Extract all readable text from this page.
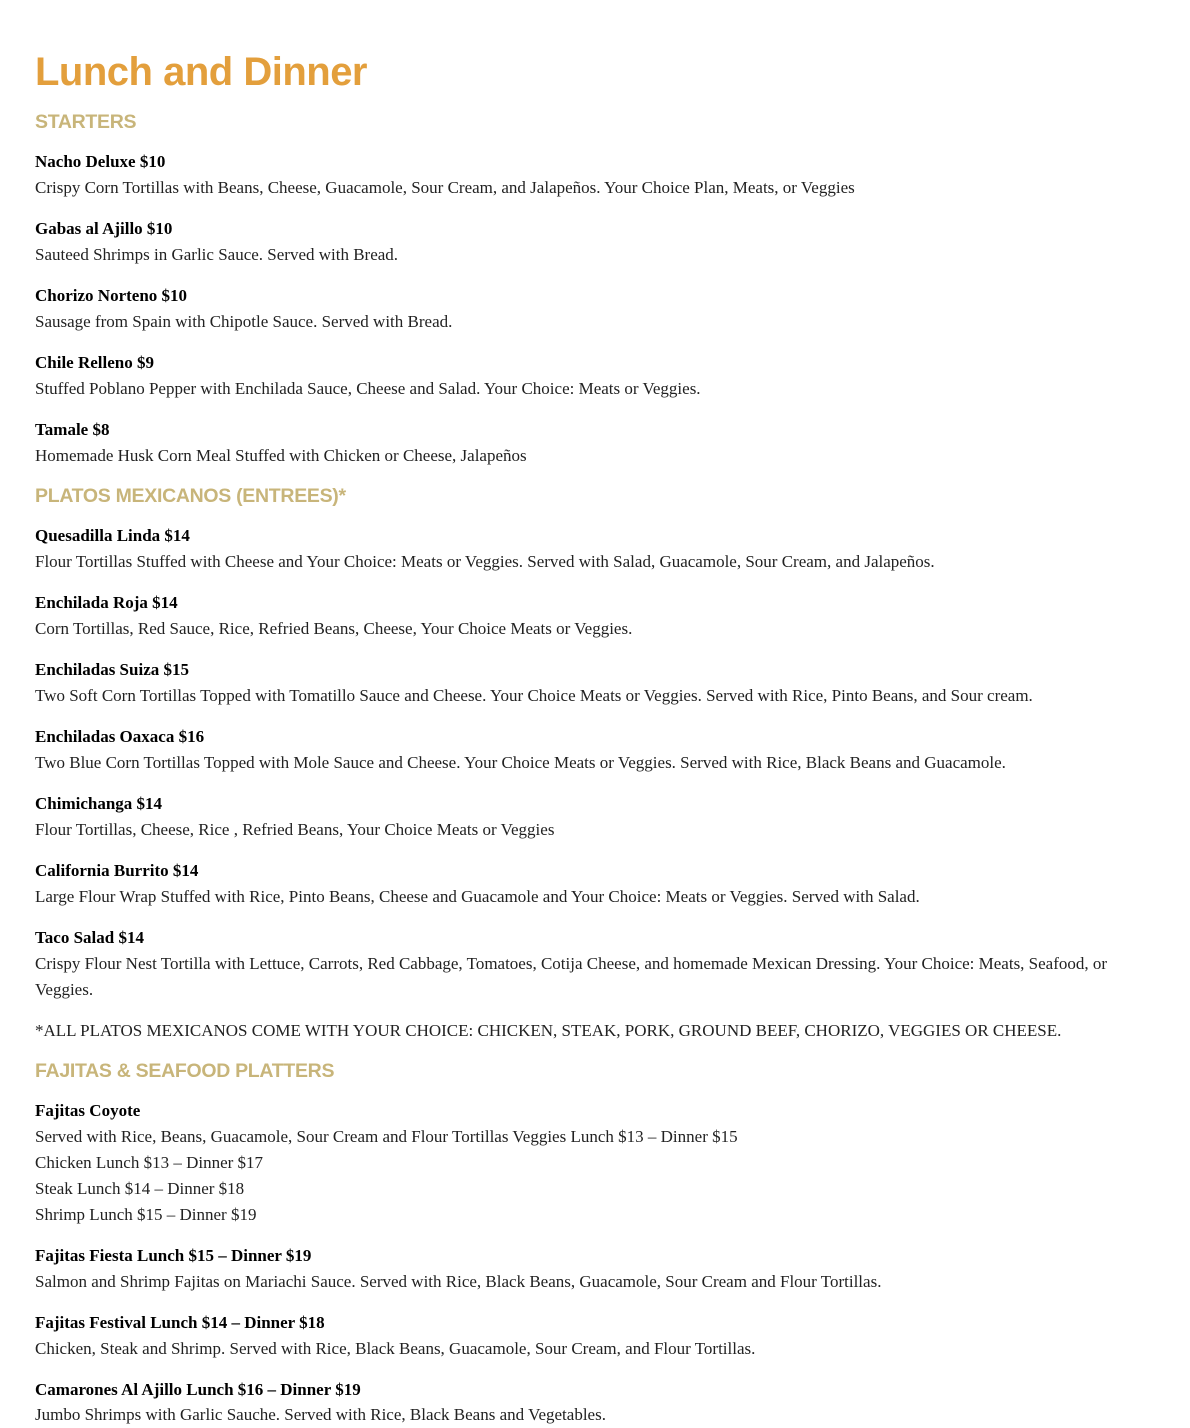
Lunch and Dinner
STARTERS
Nacho Deluxe $10
Crispy Corn Tortillas with Beans, Cheese, Guacamole, Sour Cream, and Jalapeños. Your Choice Plan, Meats, or Veggies
Gabas al Ajillo $10
Sauteed Shrimps in Garlic Sauce. Served with Bread.
Chorizo Norteno $10
Sausage from Spain with Chipotle Sauce. Served with Bread.
Chile Relleno $9
Stuffed Poblano Pepper with Enchilada Sauce, Cheese and Salad. Your Choice: Meats or Veggies.
Tamale $8
Homemade Husk Corn Meal Stuffed with Chicken or Cheese, Jalapeños
PLATOS MEXICANOS (ENTREES)*
Quesadilla Linda $14
Flour Tortillas Stuffed with Cheese and Your Choice: Meats or Veggies. Served with Salad, Guacamole, Sour Cream, and Jalapeños.
Enchilada Roja $14
Corn Tortillas, Red Sauce, Rice, Refried Beans, Cheese, Your Choice Meats or Veggies.
Enchiladas Suiza $15
Two Soft Corn Tortillas Topped with Tomatillo Sauce and Cheese. Your Choice Meats or Veggies. Served with Rice, Pinto Beans, and Sour cream.
Enchiladas Oaxaca $16
Two Blue Corn Tortillas Topped with Mole Sauce and Cheese. Your Choice Meats or Veggies. Served with Rice, Black Beans and Guacamole.
Chimichanga $14
Flour Tortillas, Cheese, Rice , Refried Beans, Your Choice Meats or Veggies
California Burrito $14
Large Flour Wrap Stuffed with Rice, Pinto Beans, Cheese and Guacamole and Your Choice: Meats or Veggies. Served with Salad.
Taco Salad $14
Crispy Flour Nest Tortilla with Lettuce, Carrots, Red Cabbage, Tomatoes, Cotija Cheese, and homemade Mexican Dressing. Your Choice: Meats, Seafood, or Veggies.
*ALL PLATOS MEXICANOS COME WITH YOUR CHOICE: CHICKEN, STEAK, PORK, GROUND BEEF, CHORIZO, VEGGIES OR CHEESE.
FAJITAS & SEAFOOD PLATTERS
Fajitas Coyote
Served with Rice, Beans, Guacamole, Sour Cream and Flour Tortillas Veggies Lunch $13 – Dinner $15
Chicken Lunch $13 – Dinner $17
Steak Lunch $14 – Dinner $18
Shrimp Lunch $15 – Dinner $19
Fajitas Fiesta Lunch $15 – Dinner $19
Salmon and Shrimp Fajitas on Mariachi Sauce. Served with Rice, Black Beans, Guacamole, Sour Cream and Flour Tortillas.
Fajitas Festival Lunch $14 – Dinner $18
Chicken, Steak and Shrimp. Served with Rice, Black Beans, Guacamole, Sour Cream, and Flour Tortillas.
Camarones Al Ajillo Lunch $16 – Dinner $19
Jumbo Shrimps with Garlic Sauche. Served with Rice, Black Beans and Vegetables.
